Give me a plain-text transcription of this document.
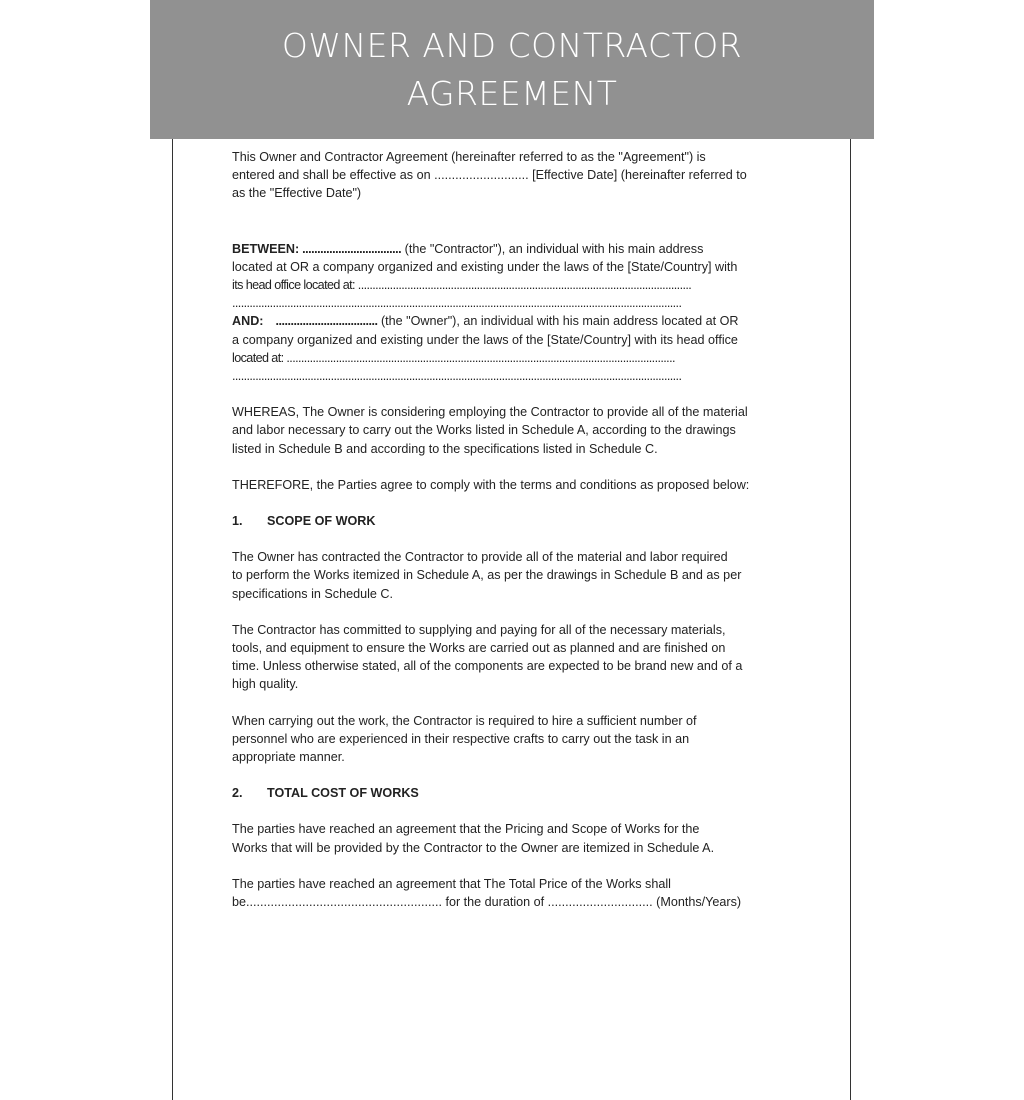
OWNER AND CONTRACTOR
AGREEMENT

This Owner and Contractor Agreement (hereinafter referred to as the "Agreement") is
entered and shall be effective as on ........................... [Effective Date] (hereinafter referred to
as the "Effective Date")

BETWEEN: ................................. (the "Contractor"), an individual with his main address
located at OR a company organized and existing under the laws of the [State/Country] with
its head office located at: ...................................................................................................................
...........................................................................................................................................................

AND:    .................................. (the "Owner"), an individual with his main address located at OR
a company organized and existing under the laws of the [State/Country] with its head office
located at: ......................................................................................................................................
...........................................................................................................................................................

WHEREAS, The Owner is considering employing the Contractor to provide all of the material
and labor necessary to carry out the Works listed in Schedule A, according to the drawings
listed in Schedule B and according to the specifications listed in Schedule C.

THEREFORE, the Parties agree to comply with the terms and conditions as proposed below:

1.	SCOPE OF WORK

The Owner has contracted the Contractor to provide all of the material and labor required
to perform the Works itemized in Schedule A, as per the drawings in Schedule B and as per
specifications in Schedule C.

The Contractor has committed to supplying and paying for all of the necessary materials,
tools, and equipment to ensure the Works are carried out as planned and are finished on
time. Unless otherwise stated, all of the components are expected to be brand new and of a
high quality.

When carrying out the work, the Contractor is required to hire a sufficient number of
personnel who are experienced in their respective crafts to carry out the task in an
appropriate manner.

2.	TOTAL COST OF WORKS

The parties have reached an agreement that the Pricing and Scope of Works for the
Works that will be provided by the Contractor to the Owner are itemized in Schedule A.

The parties have reached an agreement that The Total Price of the Works shall
be........................................................ for the duration of .............................. (Months/Years)
